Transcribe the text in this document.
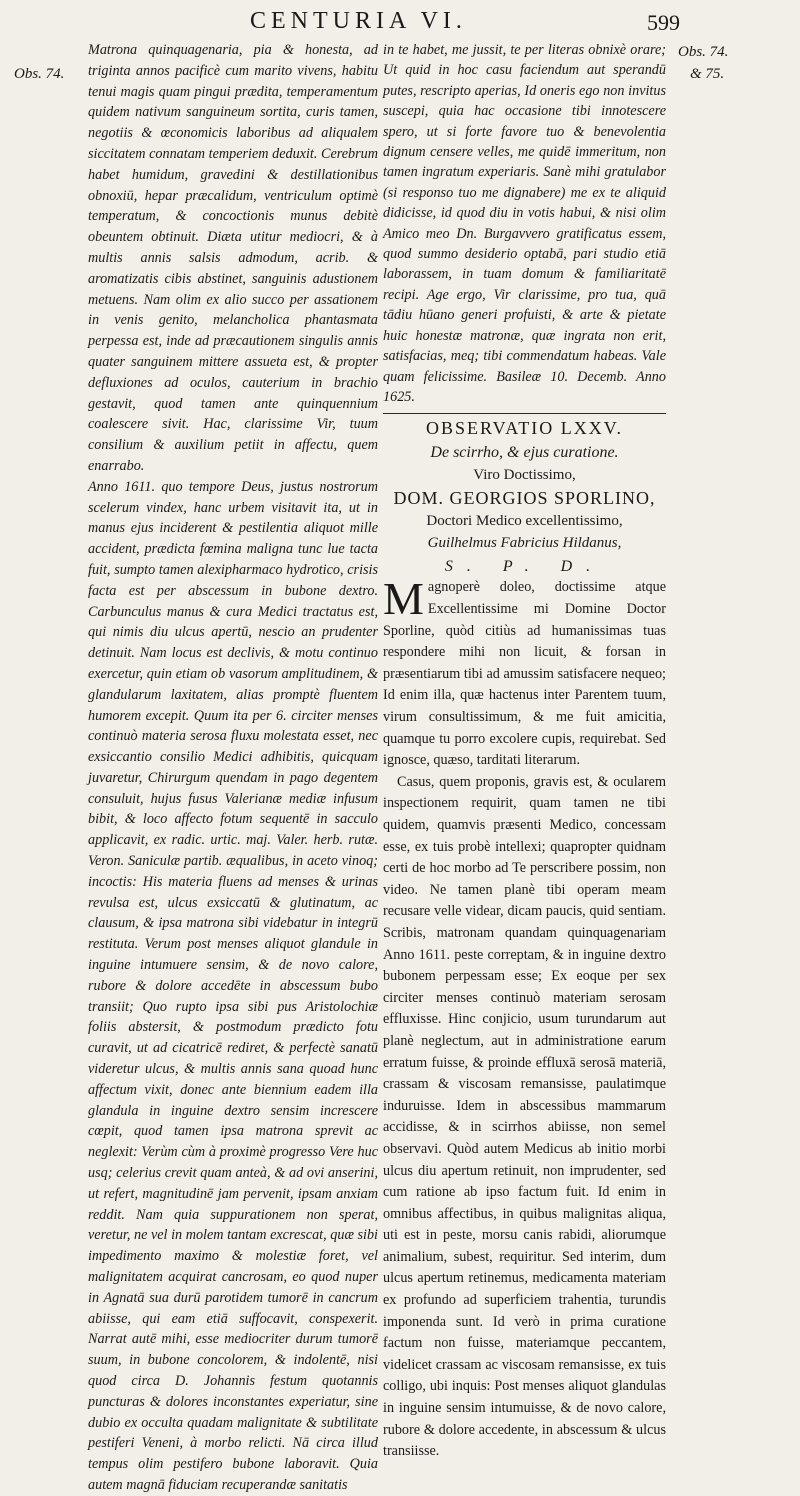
CENTURIA VI.	599
Obs. 74.
Obs. 74.
& 75.

Matrona quinquagenaria, pia & honesta, ad triginta annos pacificè cum marito vivens, habitu tenui magis quam pingui prædita, temperamentum quidem nativum sanguineum sortita, curis tamen, negotiis & œconomicis laboribus ad aliqualem siccitatem connatam temperiem deduxit. Cerebrum habet humidum, gravedini & destillationibus obnoxiū, hepar præcalidum, ventriculum optimè temperatum, & concoctionis munus debitè obeuntem obtinuit. Diæta utitur mediocri, & à multis annis salsis admodum, acrib. & aromatizatis cibis abstinet, sanguinis adustionem metuens. Nam olim ex alio succo per assationem in venis genito, melancholica phantasmata perpessa est, inde ad præcautionem singulis annis quater sanguinem mittere assueta est, & propter defluxiones ad oculos, cauterium in brachio gestavit, quod tamen ante quinquennium coalescere sivit. Hac, clarissime Vir, tuum consilium & auxilium petiit in affectu, quem enarrabo.

Anno 1611. quo tempore Deus, justus nostrorum scelerum vindex, hanc urbem visitavit ita, ut in manus ejus inciderent & pestilentia aliquot mille accident, prædicta fœmina maligna tunc lue tacta fuit, sumpto tamen alexipharmaco hydrotico, crisis facta est per abscessum in bubone dextro. Carbunculus manus & cura Medici tractatus est, qui nimis diu ulcus apertū, nescio an prudenter detinuit. Nam locus est declivis, & motu continuo exercetur, quin etiam ob vasorum amplitudinem, & glandularum laxitatem, alias promptè fluentem humorem excepit. Quum ita per 6. circiter menses continuò materia serosa fluxu molestata esset, nec exsiccantio consilio Medici adhibitis, quicquam juvaretur, Chirurgum quendam in pago degentem consuluit, hujus fusus Valerianæ mediæ infusum bibit, & loco affecto fotum sequentē in sacculo applicavit, ex radic. urtic. maj. Valer. herb. rutæ. Veron. Saniculæ partib. æqualibus, in aceto vinoq; incoctis: His materia fluens ad menses & urinas revulsa est, ulcus exsiccatū & glutinatum, ac clausum, & ipsa matrona sibi videbatur in integrū restituta. Verum post menses aliquot glandule in inguine intumuere sensim, & de novo calore, rubore & dolore accedēte in abscessum bubo transiit; Quo rupto ipsa sibi pus Aristolochiæ foliis abstersit, & postmodum prædicto fotu curavit, ut ad cicatricē rediret, & perfectè sanatū videretur ulcus, & multis annis sana quoad hunc affectum vixit, donec ante biennium eadem illa glandula in inguine dextro sensim increscere cœpit, quod tamen ipsa matrona sprevit ac neglexit: Verùm cùm à proximè progresso Vere huc usq; celerius crevit quam anteà, & ad ovi anserini, ut refert, magnitudinē jam pervenit, ipsam anxiam reddit. Nam quia suppurationem non sperat, veretur, ne vel in molem tantam excrescat, quæ sibi impedimento maximo & molestiæ foret, vel malignitatem acquirat cancrosam, eo quod nuper in Agnatā sua durū parotidem tumorē in cancrum abiisse, qui eam etiā suffocavit, conspexerit. Narrat autē mihi, esse mediocriter durum tumorē suum, in bubone concolorem, & indolentē, nisi quod circa D. Johannis festum quotannis puncturas & dolores inconstantes experiatur, sine dubio ex occulta quadam malignitate & subtilitate pestiferi Veneni, à morbo relicti. Nā circa illud tempus olim pestifero bubone laboravit. Quia autem magnā fiduciam recuperandæ sanitatis

in te habet, me jussit, te per literas obnixè orare; Ut quid in hoc casu faciendum aut sperandū putes, rescripto aperias, Id oneris ego non invitus suscepi, quia hac occasione tibi innotescere spero, ut si forte favore tuo & benevolentia dignum censere velles, me quidē immeritum, non tamen ingratum experiaris. Sanè mihi gratulabor (si responso tuo me dignabere) me ex te aliquid didicisse, id quod diu in votis habui, & nisi olim Amico meo Dn. Burgavvero gratificatus essem, quod summo desiderio optabā, pari studio etiā laborassem, in tuam domum & familiaritatē recipi. Age ergo, Vir clarissime, pro tua, quā tādiu hūano generi profuisti, & arte & pietate huic honestæ matronæ, quæ ingrata non erit, satisfacias, meq; tibi commendatum habeas. Vale quam felicissime. Basileæ 10. Decemb. Anno 1625.

OBSERVATIO LXXV.
De scirrho, & ejus curatione.
Viro Doctissimo,
DOM. GEORGIOS SPORLINO,
Doctori Medico excellentissimo,
Guilhelmus Fabricius Hildanus,
S. P. D.

Magnoperè doleo, doctissime atque Excellentissime mi Domine Doctor Sporline, quòd citiùs ad humanissimas tuas respondere mihi non licuit, & forsan in præsentiarum tibi ad amussim satisfacere nequeo; Id enim illa, quæ hactenus inter Parentem tuum, virum consultissimum, & me fuit amicitia, quamque tu porro excolere cupis, requirebat. Sed ignosce, quæso, tarditati literarum.

Casus, quem proponis, gravis est, & ocularem inspectionem requirit, quam tamen ne tibi quidem, quamvis præsenti Medico, concessam esse, ex tuis probè intellexi; quapropter quidnam certi de hoc morbo ad Te perscribere possim, non video. Ne tamen planè tibi operam meam recusare velle videar, dicam paucis, quid sentiam. Scribis, matronam quandam quinquagenariam Anno 1611. peste correptam, & in inguine dextro bubonem perpessam esse; Ex eoque per sex circiter menses continuò materiam serosam effluxisse. Hinc conjicio, usum turundarum aut planè neglectum, aut in administratione earum erratum fuisse, & proinde effluxā serosā materiā, crassam & viscosam remansisse, paulatimque induruisse. Idem in abscessibus mammarum accidisse, & in scirrhos abiisse, non semel observavi. Quòd autem Medicus ab initio morbi ulcus diu apertum retinuit, non imprudenter, sed cum ratione ab ipso factum fuit. Id enim in omnibus affectibus, in quibus malignitas aliqua, uti est in peste, morsu canis rabidi, aliorumque animalium, subest, requiritur. Sed interim, dum ulcus apertum retinemus, medicamenta materiam ex profundo ad superficiem trahentia, turundis imponenda sunt. Id verò in prima curatione factum non fuisse, materiamque peccantem, videlicet crassam ac viscosam remansisse, ex tuis colligo, ubi inquis: Post menses aliquot glandulas in inguine sensim intumuisse, & de novo calore, rubore & dolore accedente, in abscessum & ulcus transiisse.
